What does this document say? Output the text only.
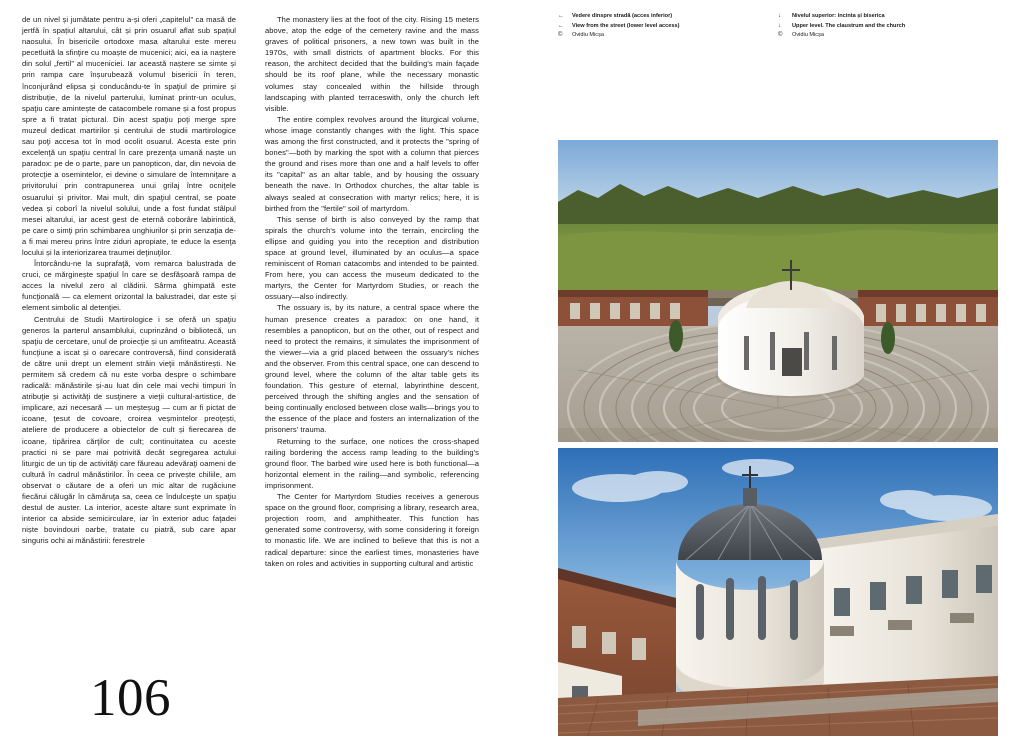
de un nivel și jumătate pentru a-și oferi „capitelul” ca masă de jertfă în spațiul altarului, cât și prin osuarul aflat sub spațiul naosului. În bisericile ortodoxe masa altarului este mereu pecetluită la sfinţire cu moaște de mucenici; aici, ea ia naștere din solul „fertil” al muceniciei. Iar această naștere se simte și prin rampa care înșurubează volumul bisericii în teren, înconjurând elipsa și conducându-te în spaţiul de primire și distribuție, de la nivelul parterului, luminat printr-un oculus, spaţiu care amintește de catacombele romane și a fost propus spre a fi tratat pictural. Din acest spaţiu poţi merge spre muzeul dedicat martirilor și centrului de studii martirologice sau poţi accesa tot în mod ocolit osuarul. Acesta este prin excelenţă un spaţiu central în care prezenţa umană naște un paradox: pe de o parte, pare un panopticon, dar, din nevoia de protecţie a osemintelor, ei devine o simulare de întemniţare a privitorului prin contrapunerea unui grilaj între ocniţele osuarului și privitor. Mai mult, din spaţiul central, se poate vedea și coborî la nivelul solului, unde a fost fundat stâlpul mesei altarului, iar acest gest de eternă coborâre labirintică, pe care o simţi prin schimbarea unghiurilor și prin senzaţia de-a fi mai mereu prins între ziduri apropiate, te educe la esenţa locului și la interiorizarea traumei deţinuţilor.

Întorcându-ne la suprafaţă, vom remarca balustrada de cruci, ce mărginește spaţiul în care se desfășoară rampa de acces la nivelul zero al clădirii. Sârma ghimpată este funcţională — ca element orizontal la balustradei, dar este și element simbolic al detenţiei.

Centrului de Studii Martirologice i se oferă un spaţiu generos la parterul ansamblului, cuprinzând o bibliotecă, un spaţiu de cercetare, unul de proiecţie și un amfiteatru. Această funcţiune a iscat și o oarecare controversă, fiind considerată de către unii drept un element străin vieţii mănăstirești. Ne permitem să credem că nu este vorba despre o schimbare radicală: mănăstirile și-au luat din cele mai vechi timpuri în atribuţie și activităţi de susţinere a vieţii cultural-artistice, de implicare, azi necesară — un meșteșug — cum ar fi pictat de icoane, ţesut de covoare, croirea veșmintelor preoţești, ateliere de producere a obiectelor de cult și fierecarea de icoane, tipărirea cărţilor de cult; continuitatea cu aceste practici ni se pare mai potrivită decât segregarea actului liturgic de un tip de activităţi care făureau adevăraţi oameni de cultură în cadrul mănăstirilor. În ceea ce privește chiliile, am observat o căutare de a oferi un mic altar de rugăciune fiecărui călugăr în cămăruţa sa, ceea ce îndulceşte un spaţiu destul de auster. La interior, aceste altare sunt exprimate în interior ca abside semicirculare, iar în exterior aduc faţadei niște bovindouri oarbe, tratate cu piatră, sub care apar singuris ochi ai mănăstirii: ferestrele

The monastery lies at the foot of the city. Rising 15 meters above, atop the edge of the cemetery ravine and the mass graves of political prisoners, a new town was built in the 1970s, with small districts of apartment blocks. For this reason, the architect decided that the building's main façade should be its roof plane, while the necessary monastic volumes stay concealed within the hillside through landscaping with planted terraceswith, only the church left visible.

The entire complex revolves around the liturgical volume, whose image constantly changes with the light. This space was among the first constructed, and it protects the "spring of bones"—both by marking the spot with a column that pierces the ground and rises more than one and a half levels to offer its "capital" as an altar table, and by housing the ossuary beneath the nave. In Orthodox churches, the altar table is always sealed at consecration with martyr relics; here, it is birthed from the "fertile" soil of martyrdom.

This sense of birth is also conveyed by the ramp that spirals the church's volume into the terrain, encircling the ellipse and guiding you into the reception and distribution space at ground level, illuminated by an oculus—a space reminiscent of Roman catacombs and intended to be painted. From here, you can access the museum dedicated to the martyrs, the Center for Martyrdom Studies, or reach the ossuary—also indirectly.

The ossuary is, by its nature, a central space where the human presence creates a paradox: on one hand, it resembles a panopticon, but on the other, out of respect and need to protect the remains, it simulates the imprisonment of the viewer—via a grid placed between the ossuary's niches and the observer. From this central space, one can descend to ground level, where the column of the altar table gets its foundation. This gesture of eternal, labyrinthine descent, perceived through the shifting angles and the sensation of being continually enclosed between close walls—brings you to the essence of the place and fosters an internalization of the prisoners' trauma.

Returning to the surface, one notices the cross-shaped railing bordering the access ramp leading to the building's ground floor. The barbed wire used here is both functional—a horizontal element in the railing—and symbolic, referencing imprisonment.

The Center for Martyrdom Studies receives a generous space on the ground floor, comprising a library, research area, projection room, and amphitheater. This function has generated some controversy, with some considering it foreign to monastic life. We are inclined to believe that this is not a radical departure: since the earliest times, monasteries have taken on roles and activities in supporting cultural and artistic

106
←	Vedere dinspre stradă (acces inferior)
←	View from the street (lower level access)
©	Ovidiu Micșa
↓	Nivelul superior: incinta și biserica
↓	Upper level. The claustrum and the church
©	Ovidiu Micșa
